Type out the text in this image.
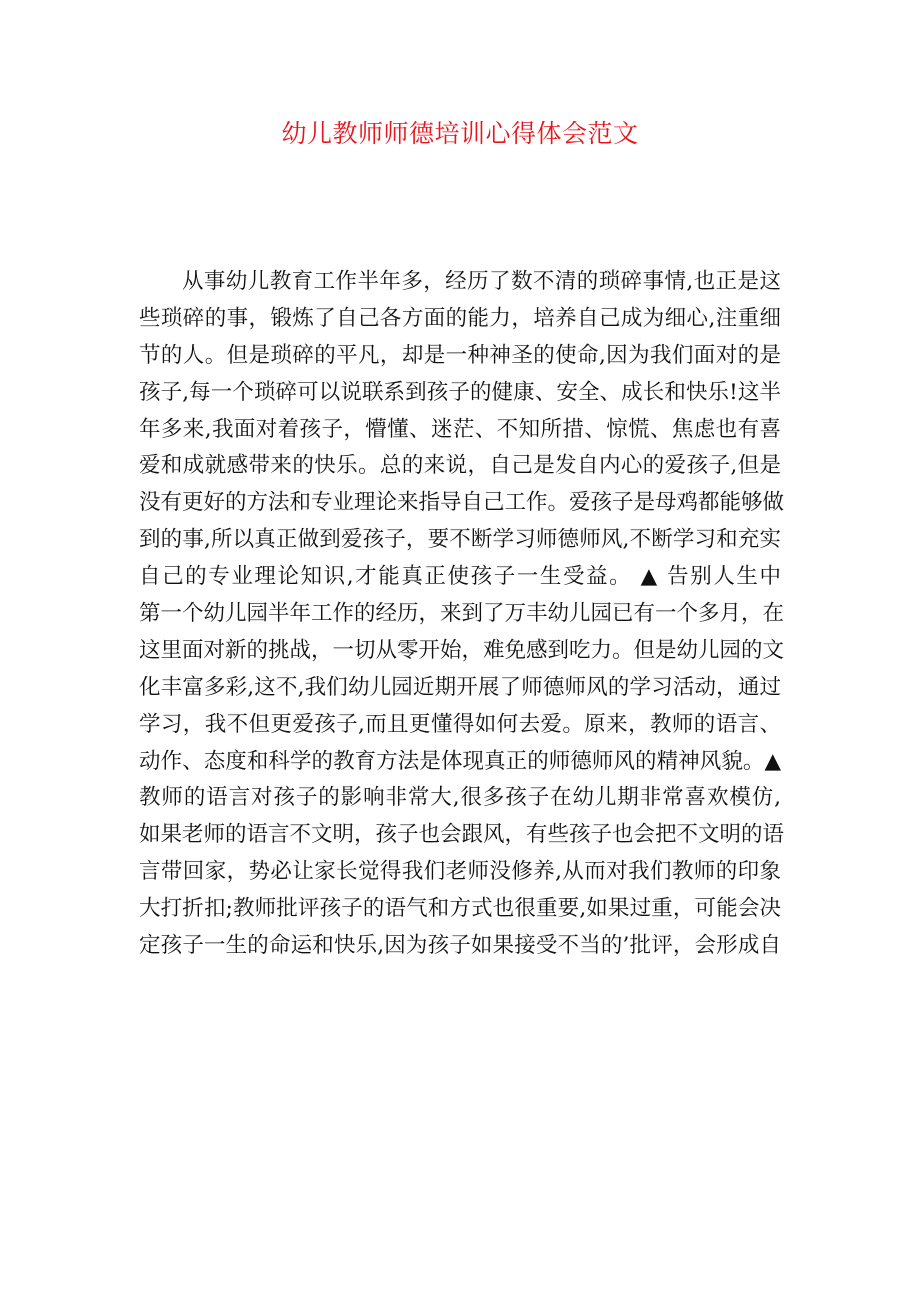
幼儿教师师德培训心得体会范文
从事幼儿教育工作半年多，经历了数不清的琐碎事情,也正是这
些琐碎的事，锻炼了自己各方面的能力，培养自己成为细心,注重细
节的人。但是琐碎的平凡，却是一种神圣的使命,因为我们面对的是
孩子,每一个琐碎可以说联系到孩子的健康、安全、成长和快乐!这半
年多来,我面对着孩子，懵懂、迷茫、不知所措、惊慌、焦虑也有喜
爱和成就感带来的快乐。总的来说，自己是发自内心的爱孩子,但是
没有更好的方法和专业理论来指导自己工作。爱孩子是母鸡都能够做
到的事,所以真正做到爱孩子，要不断学习师德师风,不断学习和充实
自己的专业理论知识,才能真正使孩子一生受益。 ▲ 告别人生中
第一个幼儿园半年工作的经历，来到了万丰幼儿园已有一个多月，在
这里面对新的挑战，一切从零开始，难免感到吃力。但是幼儿园的文
化丰富多彩,这不,我们幼儿园近期开展了师德师风的学习活动，通过
学习，我不但更爱孩子,而且更懂得如何去爱。原来，教师的语言、
动作、态度和科学的教育方法是体现真正的师德师风的精神风貌。▲
教师的语言对孩子的影响非常大,很多孩子在幼儿期非常喜欢模仿,
如果老师的语言不文明，孩子也会跟风，有些孩子也会把不文明的语
言带回家，势必让家长觉得我们老师没修养,从而对我们教师的印象
大打折扣;教师批评孩子的语气和方式也很重要,如果过重，可能会决
定孩子一生的命运和快乐,因为孩子如果接受不当的’批评，会形成自
